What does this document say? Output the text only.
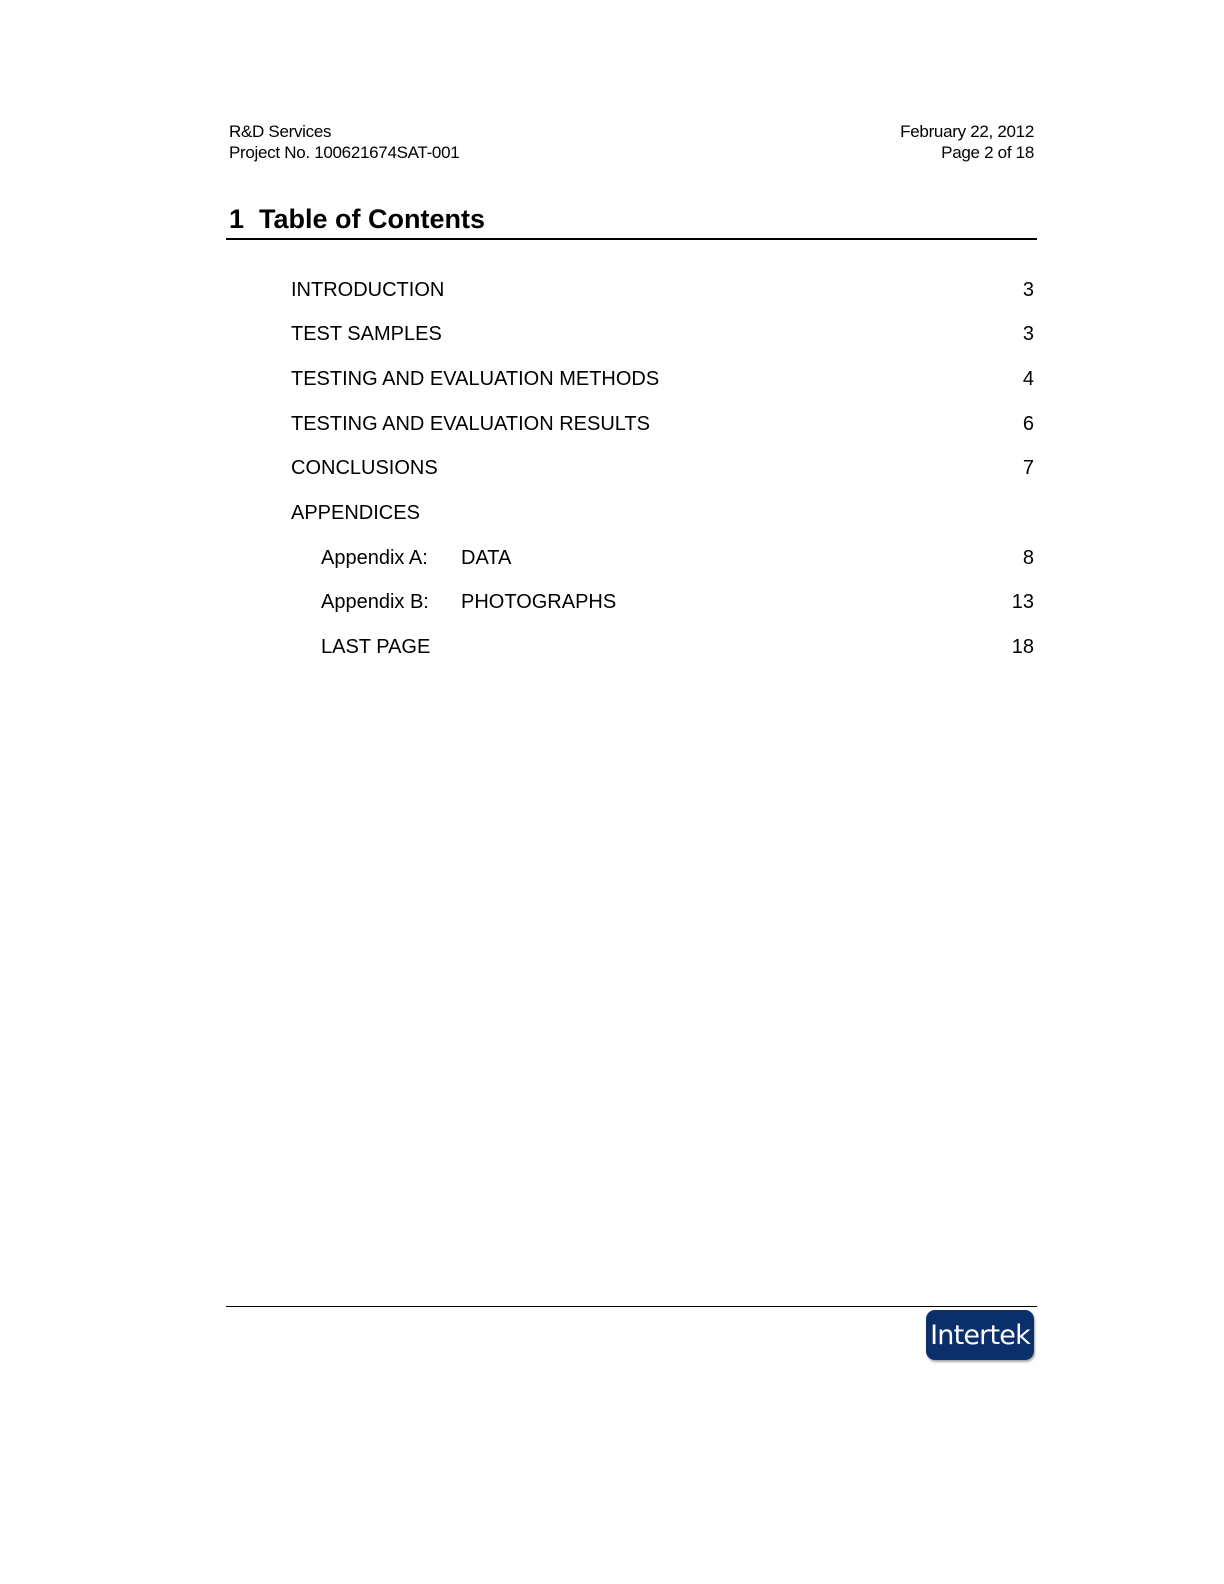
R&D Services
Project No. 100621674SAT-001
February 22, 2012
Page 2 of 18
1 Table of Contents
INTRODUCTION	3
TEST SAMPLES	3
TESTING AND EVALUATION METHODS	4
TESTING AND EVALUATION RESULTS	6
CONCLUSIONS	7
APPENDICES
Appendix A: DATA	8
Appendix B: PHOTOGRAPHS	13
LAST PAGE	18
Intertek
